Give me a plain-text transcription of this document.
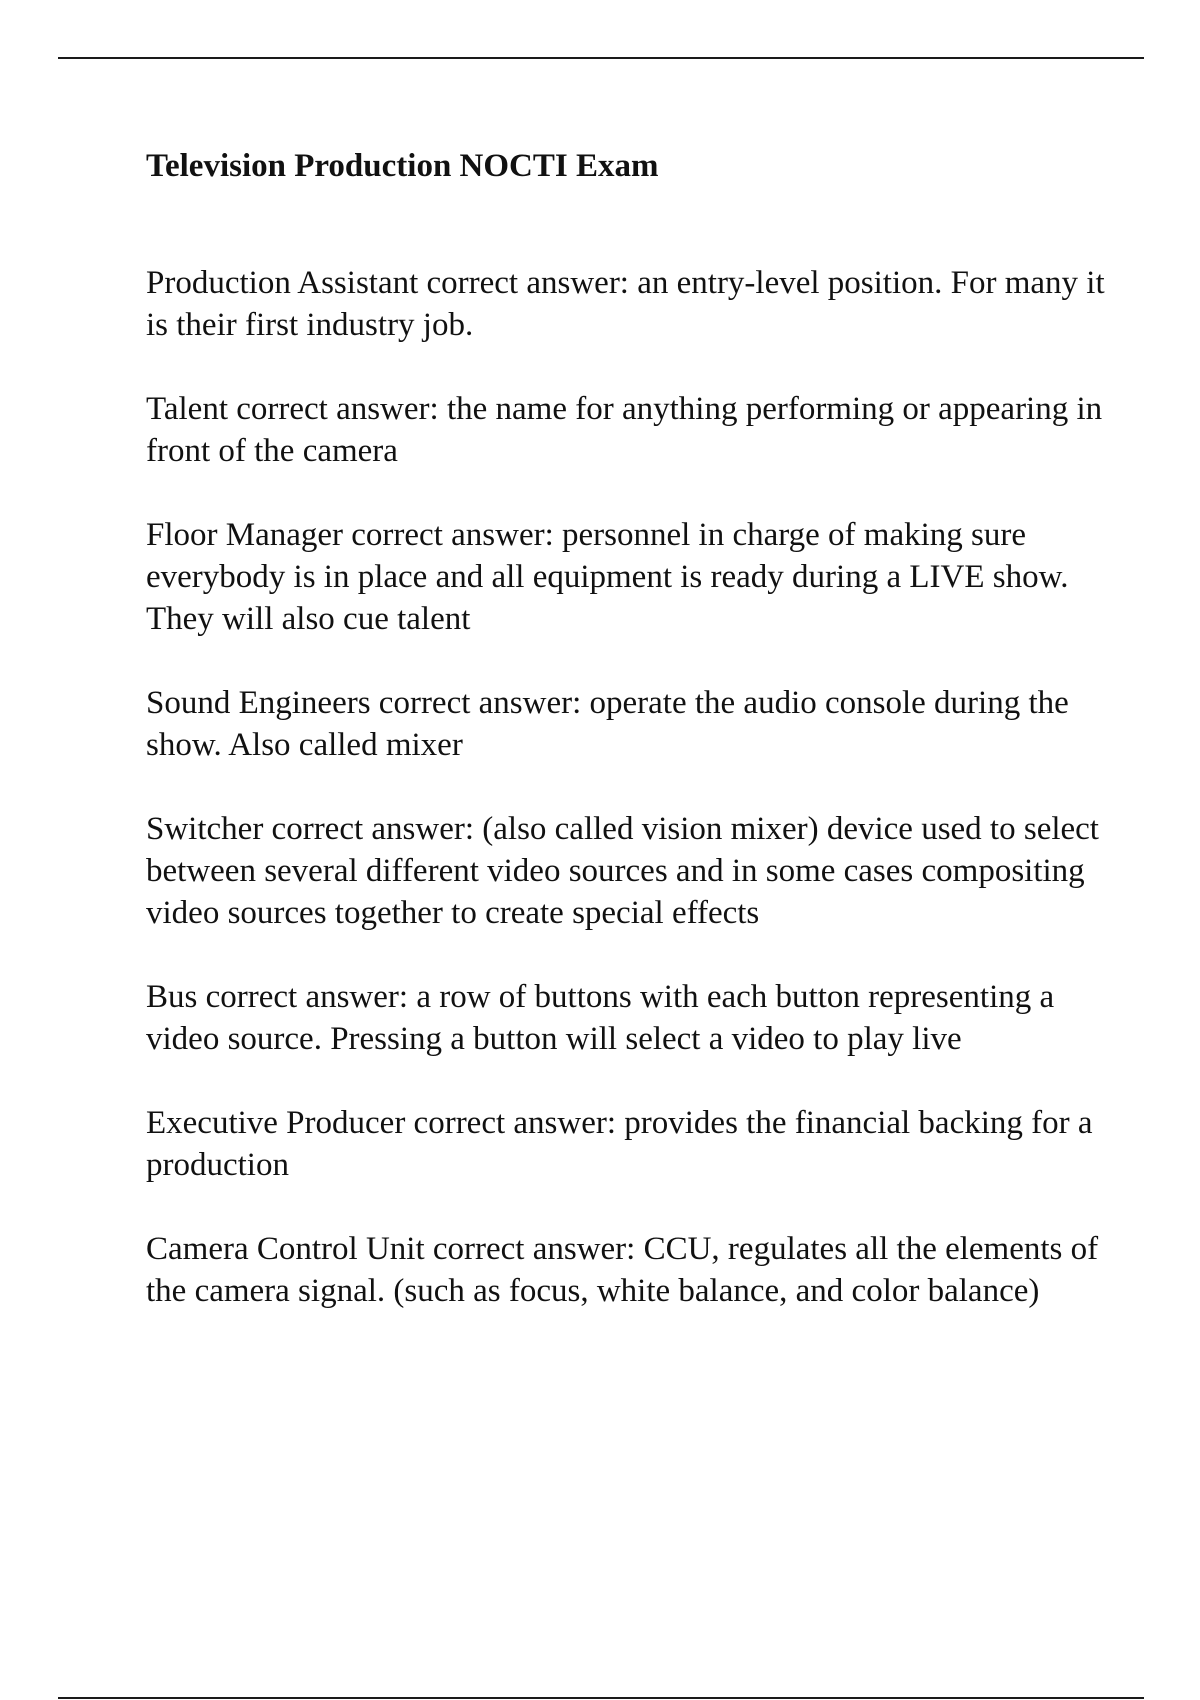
Television Production NOCTI Exam
Production Assistant correct answer: an entry-level position. For many it is their first industry job.
Talent correct answer: the name for anything performing or appearing in front of the camera
Floor Manager correct answer: personnel in charge of making sure everybody is in place and all equipment is ready during a LIVE show. They will also cue talent
Sound Engineers correct answer: operate the audio console during the show. Also called mixer
Switcher correct answer: (also called vision mixer) device used to select between several different video sources and in some cases compositing video sources together to create special effects
Bus correct answer: a row of buttons with each button representing a video source. Pressing a button will select a video to play live
Executive Producer correct answer: provides the financial backing for a production
Camera Control Unit correct answer: CCU, regulates all the elements of the camera signal. (such as focus, white balance, and color balance)
